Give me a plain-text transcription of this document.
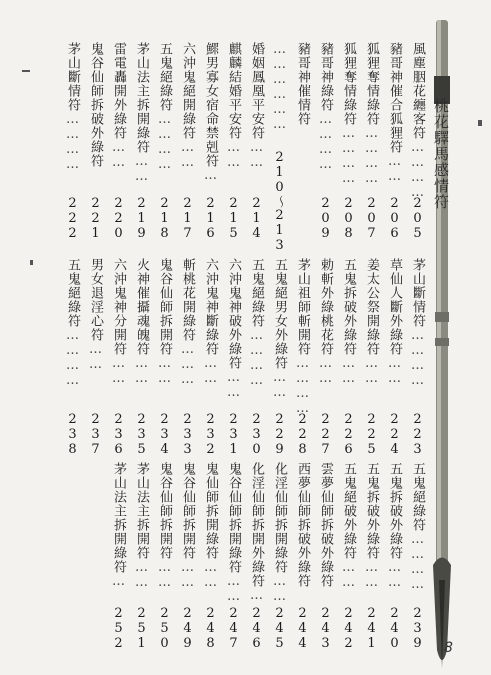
桃花驛馬感情符
8
風塵胭花纏客符…………
205
茅山斷情符…………
223
五鬼絕綠符…………
239
豬哥神催合狐狸符……
206
草仙人斷外綠符……
224
五鬼拆破外綠符……
240
狐狸奪情綠符…………
207
姜太公祭開綠符……
225
五鬼拆破外綠符……
241
狐狸奪情綠符…………
208
五鬼拆破外綠符……
226
五鬼絕破外綠符……
242
豬哥神綠符…………
209
勅斬外綠桃花符……
227
雲夢仙師拆破外綠符
243
豬哥神催情符
茅山祖師斬開符…………
228
西夢仙師拆破外綠符
244
………………
210～213
五鬼絕男女外綠符……
229
化淫仙師拆開綠符……
245
婚姻鳳凰平安符……
214
五鬼絕綠符…………
230
化淫仙師拆開外綠符…
246
麒麟結婚平安符……
215
六沖鬼神破外綠符……
231
鬼谷仙師拆開綠符……
247
鰥男寡女宿命禁剋符…
216
六沖鬼神斷綠符……
232
鬼仙師拆開綠符……
248
六沖鬼絕開綠符……
217
斬桃花開綠符………
233
鬼谷仙師拆開符……
249
五鬼絕綠符…………
218
鬼谷仙師拆開符……
234
鬼谷仙師拆開符……
250
茅山法主拆開綠符……
219
火神催攝魂魄符……
235
茅山法主拆開符……
251
雷電轟開外綠符……
220
六沖鬼神分開符……
236
茅山法主拆開綠符…
252
鬼谷仙師拆破外綠符
221
男女退淫心符……
237
茅山斷情符…………
222
五鬼絕綠符…………
238
